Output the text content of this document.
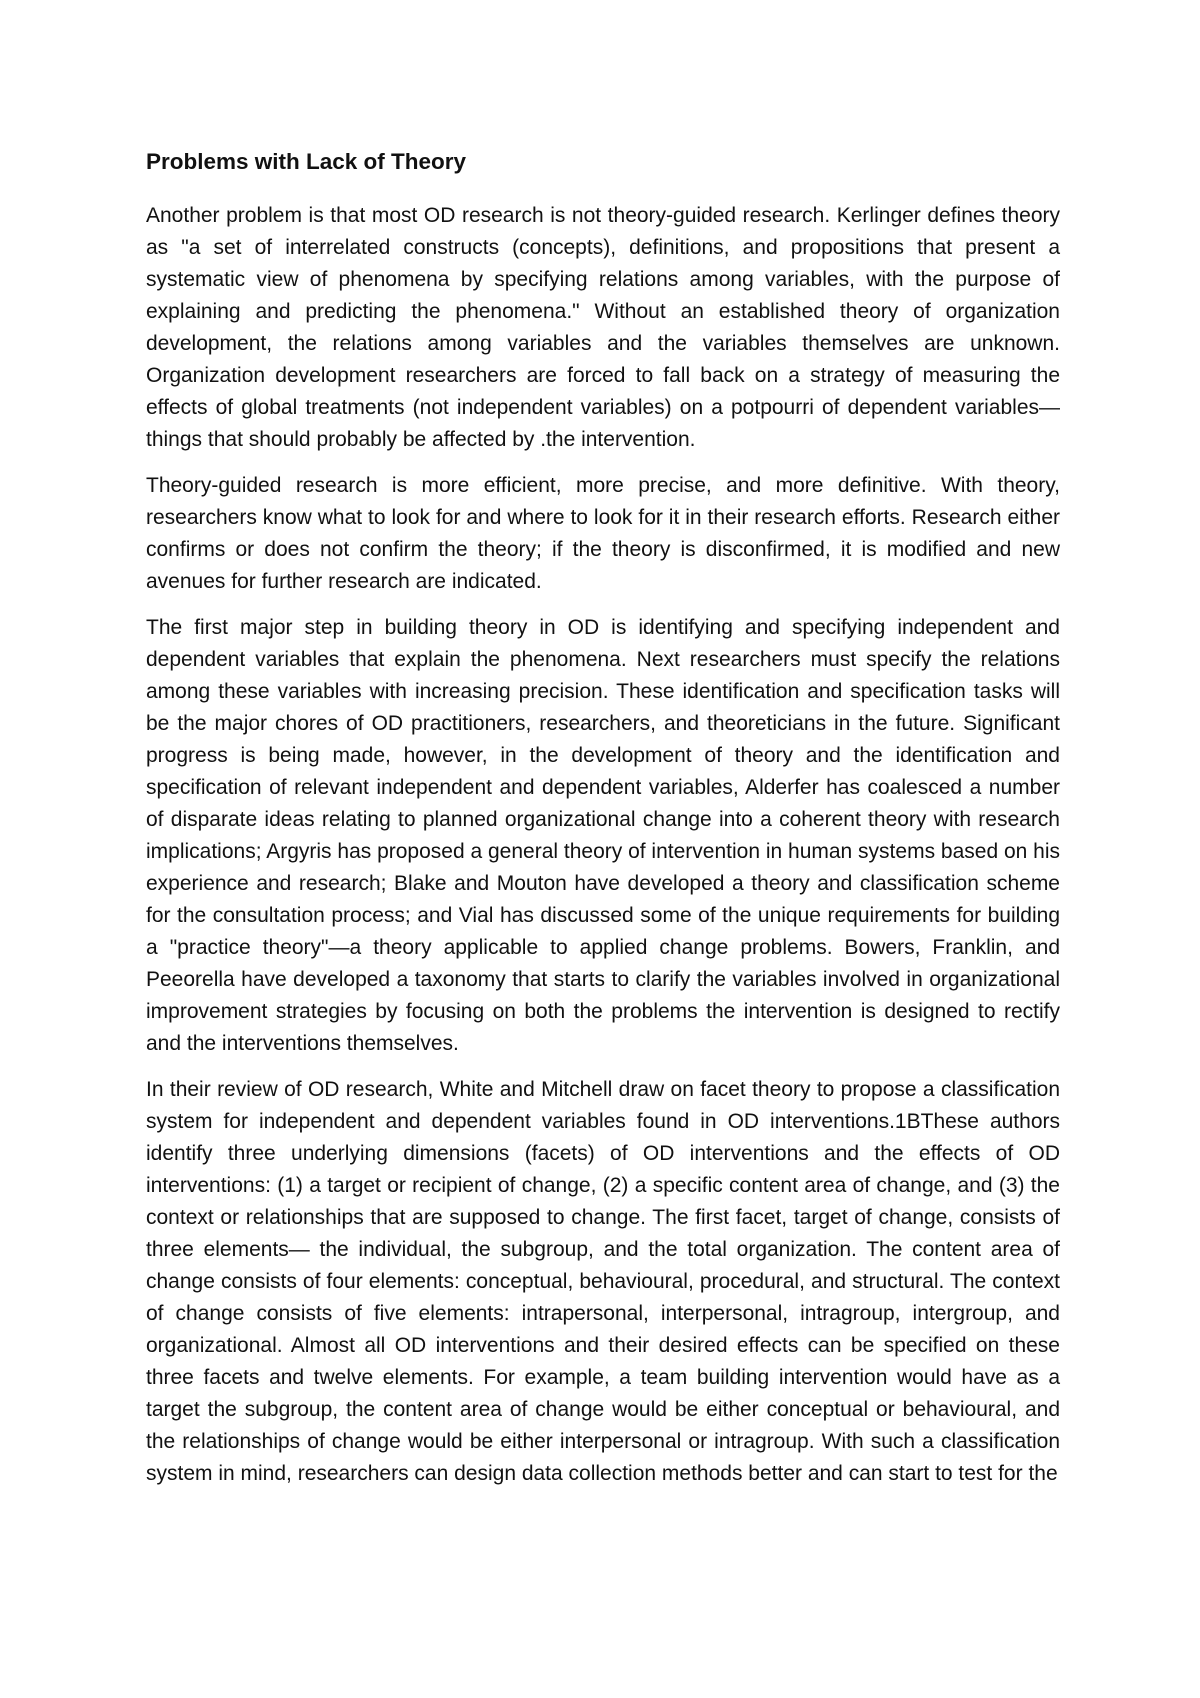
Problems with Lack of Theory

Another problem is that most OD research is not theory-guided research. Kerlinger defines theory as "a set of interrelated constructs (concepts), definitions, and propositions that present a systematic view of phenomena by specifying relations among variables, with the purpose of explaining and predicting the phenomena." Without an established theory of organization development, the relations among variables and the variables themselves are unknown. Organization development researchers are forced to fall back on a strategy of measuring the effects of global treatments (not independent variables) on a potpourri of dependent variables—things that should probably be affected by .the intervention.

Theory-guided research is more efficient, more precise, and more definitive. With theory, researchers know what to look for and where to look for it in their research efforts. Research either confirms or does not confirm the theory; if the theory is disconfirmed, it is modified and new avenues for further research are indicated.

The first major step in building theory in OD is identifying and specifying independent and dependent variables that explain the phenomena. Next researchers must specify the relations among these variables with increasing precision. These identification and specification tasks will be the major chores of OD practitioners, researchers, and theoreticians in the future. Significant progress is being made, however, in the development of theory and the identification and specification of relevant independent and dependent variables, Alderfer has coalesced a number of disparate ideas relating to planned organizational change into a coherent theory with research implications; Argyris has proposed a general theory of intervention in human systems based on his experience and research; Blake and Mouton have developed a theory and classification scheme for the consultation process; and Vial has discussed some of the unique requirements for building a "practice theory"—a theory applicable to applied change problems. Bowers, Franklin, and Peeorella have developed a taxonomy that starts to clarify the variables involved in organizational improvement strategies by focusing on both the problems the intervention is designed to rectify and the interventions themselves.

In their review of OD research, White and Mitchell draw on facet theory to propose a classification system for independent and dependent variables found in OD interventions.1BThese authors identify three underlying dimensions (facets) of OD interventions and the effects of OD interventions: (1) a target or recipient of change, (2) a specific content area of change, and (3) the context or relationships that are supposed to change. The first facet, target of change, consists of three elements— the individual, the subgroup, and the total organization. The content area of change consists of four elements: conceptual, behavioural, procedural, and structural. The context of change consists of five elements: intrapersonal, interpersonal, intragroup, intergroup, and organizational. Almost all OD interventions and their desired effects can be specified on these three facets and twelve elements. For example, a team building intervention would have as a target the subgroup, the content area of change would be either conceptual or behavioural, and the relationships of change would be either interpersonal or intragroup. With such a classification system in mind, researchers can design data collection methods better and can start to test for the
